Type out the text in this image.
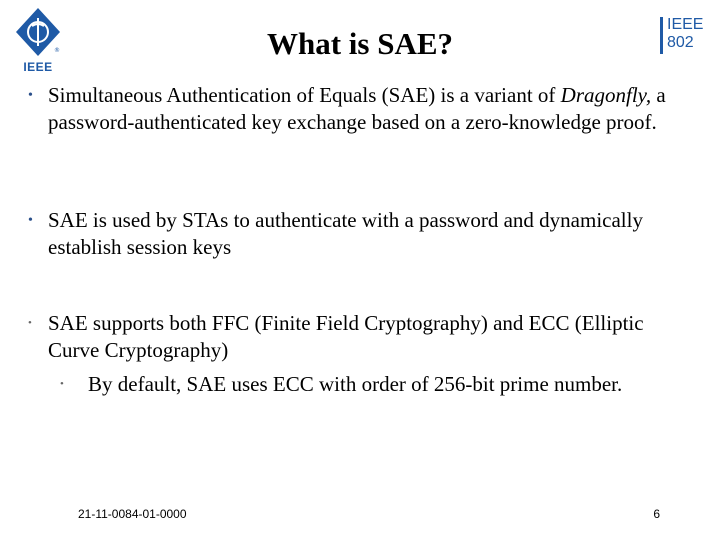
®
IEEE
IEEE
802
What is SAE?
• Simultaneous Authentication of Equals (SAE) is a variant of Dragonfly, a password-authenticated key exchange based on a zero-knowledge proof.
• SAE is used by STAs to authenticate with a password and dynamically establish session keys
• SAE supports both FFC (Finite Field Cryptography) and ECC (Elliptic Curve Cryptography)
• By default, SAE uses ECC with order of 256-bit prime number.
21-11-0084-01-0000	6
